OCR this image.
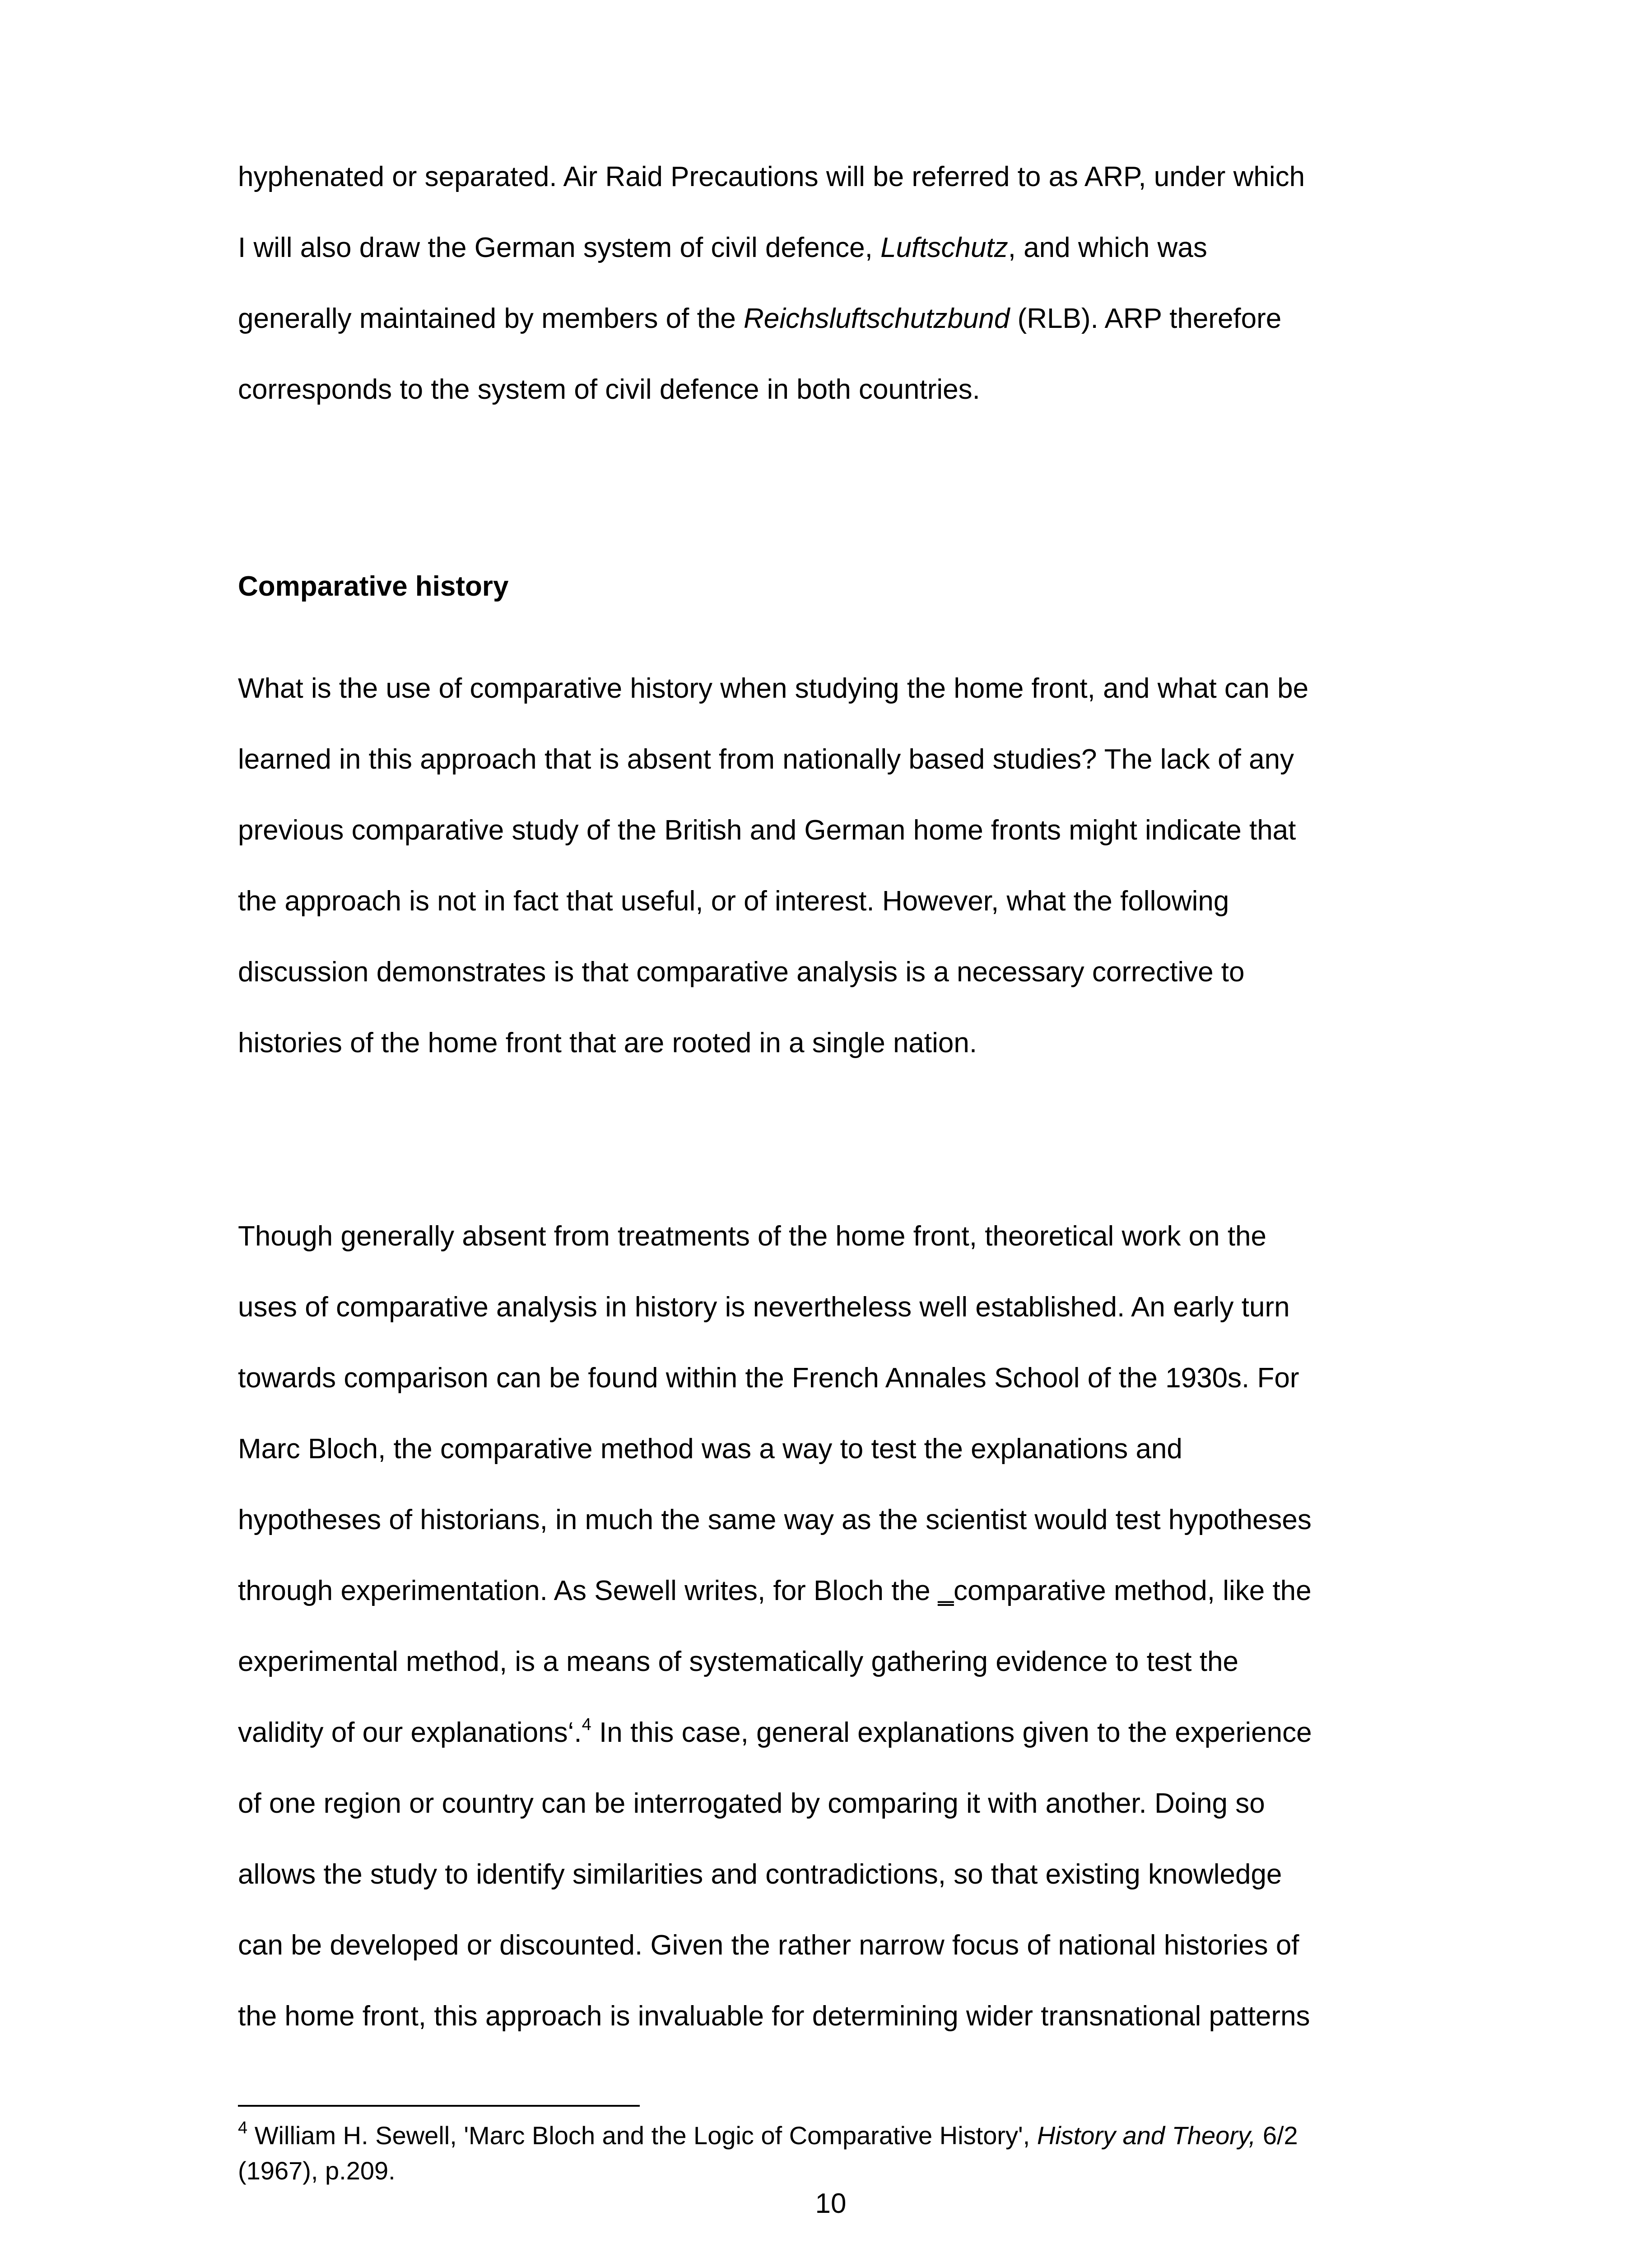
hyphenated or separated. Air Raid Precautions will be referred to as ARP, under which
I will also draw the German system of civil defence, Luftschutz, and which was
generally maintained by members of the Reichsluftschutzbund (RLB). ARP therefore
corresponds to the system of civil defence in both countries.
Comparative history
What is the use of comparative history when studying the home front, and what can be
learned in this approach that is absent from nationally based studies? The lack of any
previous comparative study of the British and German home fronts might indicate that
the approach is not in fact that useful, or of interest. However, what the following
discussion demonstrates is that comparative analysis is a necessary corrective to
histories of the home front that are rooted in a single nation.
Though generally absent from treatments of the home front, theoretical work on the
uses of comparative analysis in history is nevertheless well established. An early turn
towards comparison can be found within the French Annales School of the 1930s. For
Marc Bloch, the comparative method was a way to test the explanations and
hypotheses of historians, in much the same way as the scientist would test hypotheses
through experimentation. As Sewell writes, for Bloch the ‗comparative method, like the
experimental method, is a means of systematically gathering evidence to test the
validity of our explanations‘.$^4$ In this case, general explanations given to the experience
of one region or country can be interrogated by comparing it with another. Doing so
allows the study to identify similarities and contradictions, so that existing knowledge
can be developed or discounted. Given the rather narrow focus of national histories of
the home front, this approach is invaluable for determining wider transnational patterns
$^4$ William H. Sewell, 'Marc Bloch and the Logic of Comparative History', History and Theory, 6/2
(1967), p.209.
10
